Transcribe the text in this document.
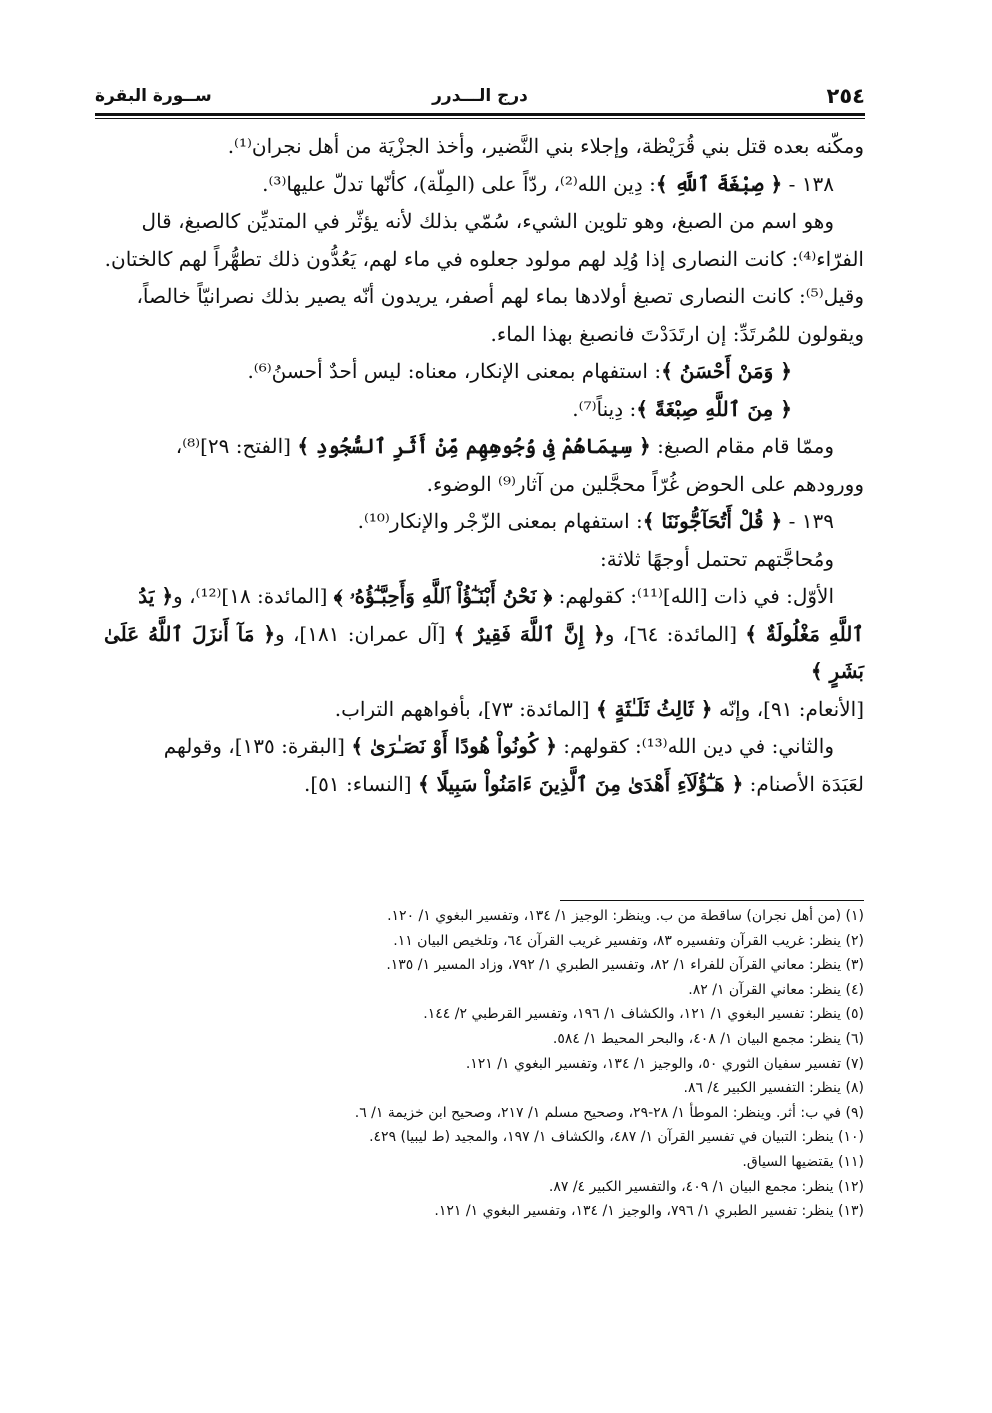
٢٥٤
درج الـــدرر
ســورة البقرة

ومكّنه بعده قتل بني قُرَيْظة، وإجلاء بني النَّضير، وأخذ الجزْيَة من أهل نجران⁽¹⁾.

١٣٨ - ﴿ صِبْغَةَ ٱللَّهِ ﴾: دِين الله⁽²⁾، ردّاً على (المِلّة)، كأنّها تدلّ عليها⁽³⁾.

وهو اسم من الصبغ، وهو تلوين الشيء، سُمّي بذلك لأنه يؤثّر في المتديِّن كالصبغ، قال

الفرّاء⁽⁴⁾: كانت النصارى إذا وُلِد لهم مولود جعلوه في ماء لهم، يَعُدُّون ذلك تطهُّراً لهم كالختان.

وقيل⁽⁵⁾: كانت النصارى تصبغ أولادها بماء لهم أصفر، يريدون أنّه يصير بذلك نصرانيّاً خالصاً،

ويقولون للمُرتَدِّ: إن ارتَدَدْتَ فانصبغ بهذا الماء.

﴿ وَمَنْ أَحْسَنُ ﴾: استفهام بمعنى الإنكار، معناه: ليس أحدٌ أحسنُ⁽⁶⁾.

﴿ مِنَ ٱللَّهِ صِبْغَةً ﴾: دِيناً⁽⁷⁾.

وممّا قام مقام الصبغ: ﴿ سِيمَاهُمْ فِى وُجُوهِهِم مِّنْ أَثَرِ ٱلسُّجُودِ ﴾ [الفتح: ٢٩]⁽⁸⁾،

وورودهم على الحوض غُرّاً محجَّلين من آثار⁽⁹⁾ الوضوء.

١٣٩ - ﴿ قُلْ أَتُحَآجُّونَنَا ﴾: استفهام بمعنى الزّجْر والإنكار⁽¹⁰⁾.

ومُحاجَّتهم تحتمل أوجهًا ثلاثة:

الأوّل: في ذات [الله]⁽¹¹⁾: كقولهم: ﴿ نَحْنُ أَبْنَـٰٓؤُاْ ٱللَّهِ وَأَحِبَّـٰٓؤُهُۥ ﴾ [المائدة: ١٨]⁽¹²⁾، و﴿ يَدُ

ٱللَّهِ مَغْلُولَةٌ ﴾ [المائدة: ٦٤]، و﴿ إِنَّ ٱللَّهَ فَقِيرٌ ﴾ [آل عمران: ١٨١]، و﴿ مَآ أَنزَلَ ٱللَّهُ عَلَىٰ بَشَرٍ ﴾

[الأنعام: ٩١]، وإنّه ﴿ ثَالِثُ ثَلَـٰثَةٍ ﴾ [المائدة: ٧٣]، بأفواههم التراب.

والثاني: في دين الله⁽¹³⁾: كقولهم: ﴿ كُونُواْ هُودًا أَوْ نَصَـٰرَىٰ ﴾ [البقرة: ١٣٥]، وقولهم

لعَبَدَة الأصنام: ﴿ هَـٰٓؤُلَآءِ أَهْدَىٰ مِنَ ٱلَّذِينَ ءَامَنُواْ سَبِيلًا ﴾ [النساء: ٥١].

(١) (من أهل نجران) ساقطة من ب. وينظر: الوجيز ١/ ١٣٤، وتفسير البغوي ١/ ١٢٠.
(٢) ينظر: غريب القرآن وتفسيره ٨٣، وتفسير غريب القرآن ٦٤، وتلخيص البيان ١١.
(٣) ينظر: معاني القرآن للفراء ١/ ٨٢، وتفسير الطبري ١/ ٧٩٢، وزاد المسير ١/ ١٣٥.
(٤) ينظر: معاني القرآن ١/ ٨٢.
(٥) ينظر: تفسير البغوي ١/ ١٢١، والكشاف ١/ ١٩٦، وتفسير القرطبي ٢/ ١٤٤.
(٦) ينظر: مجمع البيان ١/ ٤٠٨، والبحر المحيط ١/ ٥٨٤.
(٧) تفسير سفيان الثوري ٥٠، والوجيز ١/ ١٣٤، وتفسير البغوي ١/ ١٢١.
(٨) ينظر: التفسير الكبير ٤/ ٨٦.
(٩) في ب: أثر. وينظر: الموطأ ١/ ٢٨-٢٩، وصحيح مسلم ١/ ٢١٧، وصحيح ابن خزيمة ١/ ٦.
(١٠) ينظر: التبيان في تفسير القرآن ١/ ٤٨٧، والكشاف ١/ ١٩٧، والمجيد (ط ليبيا) ٤٢٩.
(١١) يقتضيها السياق.
(١٢) ينظر: مجمع البيان ١/ ٤٠٩، والتفسير الكبير ٤/ ٨٧.
(١٣) ينظر: تفسير الطبري ١/ ٧٩٦، والوجيز ١/ ١٣٤، وتفسير البغوي ١/ ١٢١.
